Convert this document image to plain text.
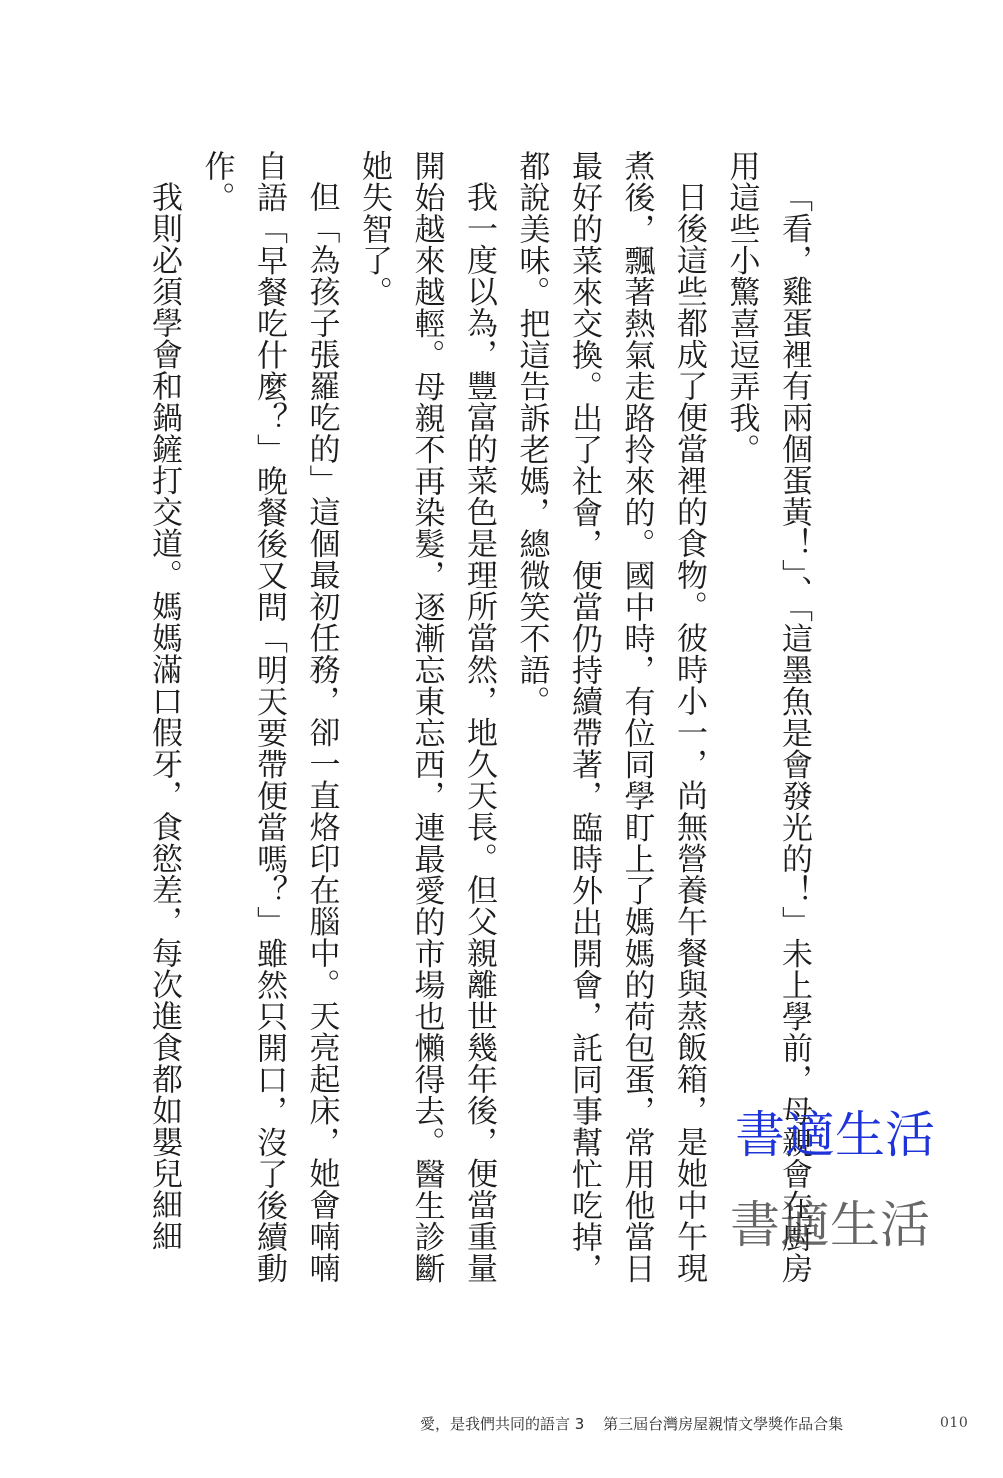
「看，雞蛋裡有兩個蛋黃！」、「這墨魚是會發光的！」未上學前，母親會在廚房用這些小驚喜逗弄我。

日後這些都成了便當裡的食物。彼時小一，尚無營養午餐與蒸飯箱，是她中午現煮後，飄著熱氣走路拎來的。國中時，有位同學盯上了媽媽的荷包蛋，常用他當日最好的菜來交換。出了社會，便當仍持續帶著，臨時外出開會，託同事幫忙吃掉，都說美味。把這告訴老媽，總微笑不語。

我一度以為，豐富的菜色是理所當然，地久天長。但父親離世幾年後，便當重量開始越來越輕。母親不再染髮，逐漸忘東忘西，連最愛的市場也懶得去。醫生診斷她失智了。

但「為孩子張羅吃的」這個最初任務，卻一直烙印在腦中。天亮起床，她會喃喃自語「早餐吃什麼？」晚餐後又問「明天要帶便當嗎？」雖然只開口，沒了後續動作。

我則必須學會和鍋鏟打交道。媽媽滿口假牙，食慾差，每次進食都如嬰兒細細	書適生活
書適生活
愛，是我們共同的語言 3 第三屆台灣房屋親情文學獎作品合集	010
